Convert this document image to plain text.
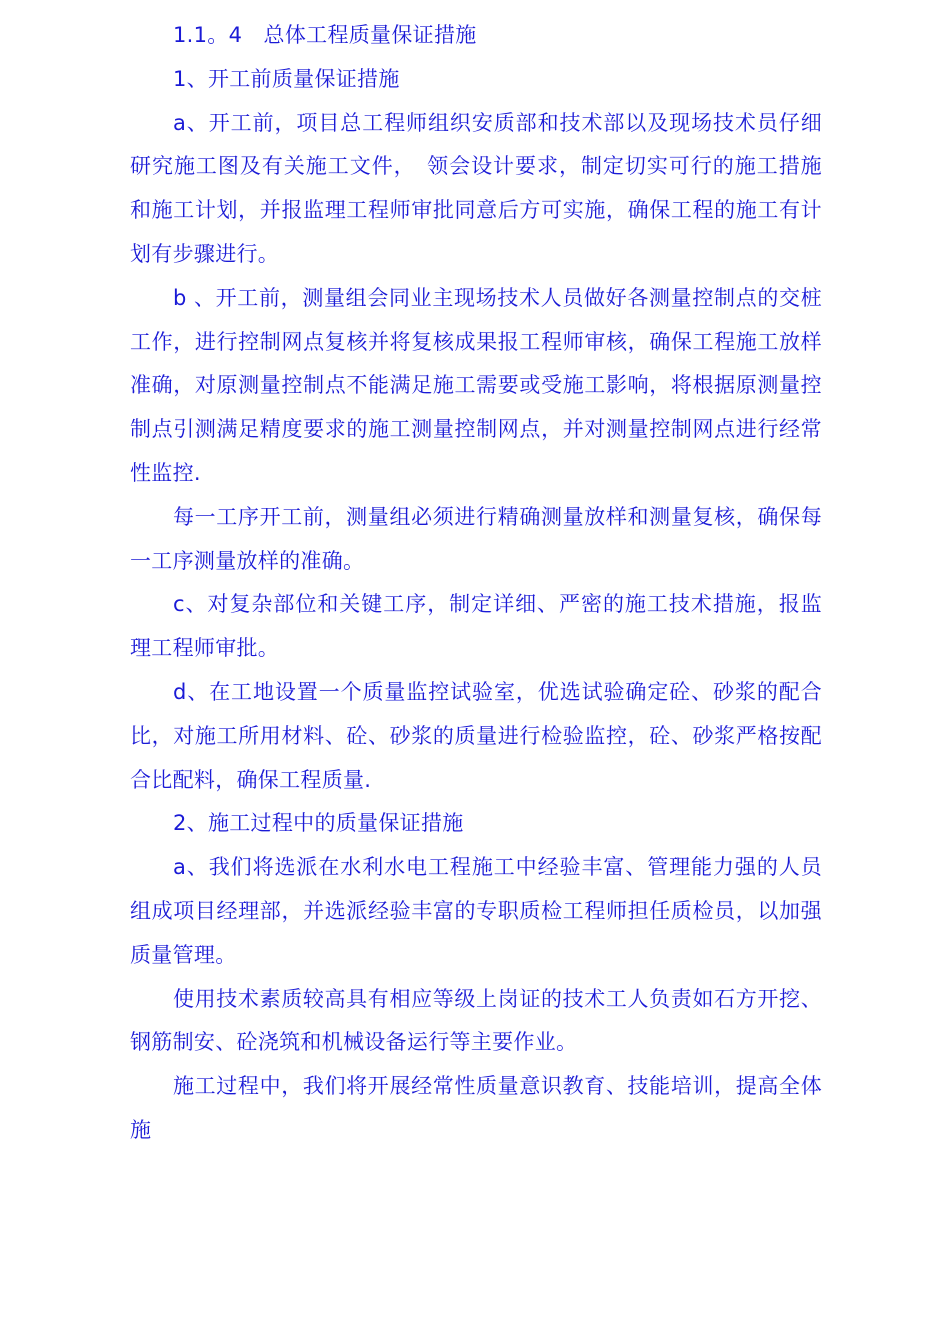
1.1。4　总体工程质量保证措施

1、开工前质量保证措施

a、开工前，项目总工程师组织安质部和技术部以及现场技术员仔细研究施工图及有关施工文件，　领会设计要求，制定切实可行的施工措施和施工计划，并报监理工程师审批同意后方可实施，确保工程的施工有计划有步骤进行。

b 、开工前，测量组会同业主现场技术人员做好各测量控制点的交桩工作，进行控制网点复核并将复核成果报工程师审核，确保工程施工放样准确，对原测量控制点不能满足施工需要或受施工影响，将根据原测量控制点引测满足精度要求的施工测量控制网点，并对测量控制网点进行经常性监控.

每一工序开工前，测量组必须进行精确测量放样和测量复核，确保每一工序测量放样的准确。

c、对复杂部位和关键工序，制定详细、严密的施工技术措施，报监理工程师审批。

d、在工地设置一个质量监控试验室，优选试验确定砼、砂浆的配合比，对施工所用材料、砼、砂浆的质量进行检验监控，砼、砂浆严格按配合比配料，确保工程质量.

2、施工过程中的质量保证措施

a、我们将选派在水利水电工程施工中经验丰富、管理能力强的人员组成项目经理部，并选派经验丰富的专职质检工程师担任质检员，以加强质量管理。

使用技术素质较高具有相应等级上岗证的技术工人负责如石方开挖、钢筋制安、砼浇筑和机械设备运行等主要作业。

施工过程中，我们将开展经常性质量意识教育、技能培训，提高全体施
